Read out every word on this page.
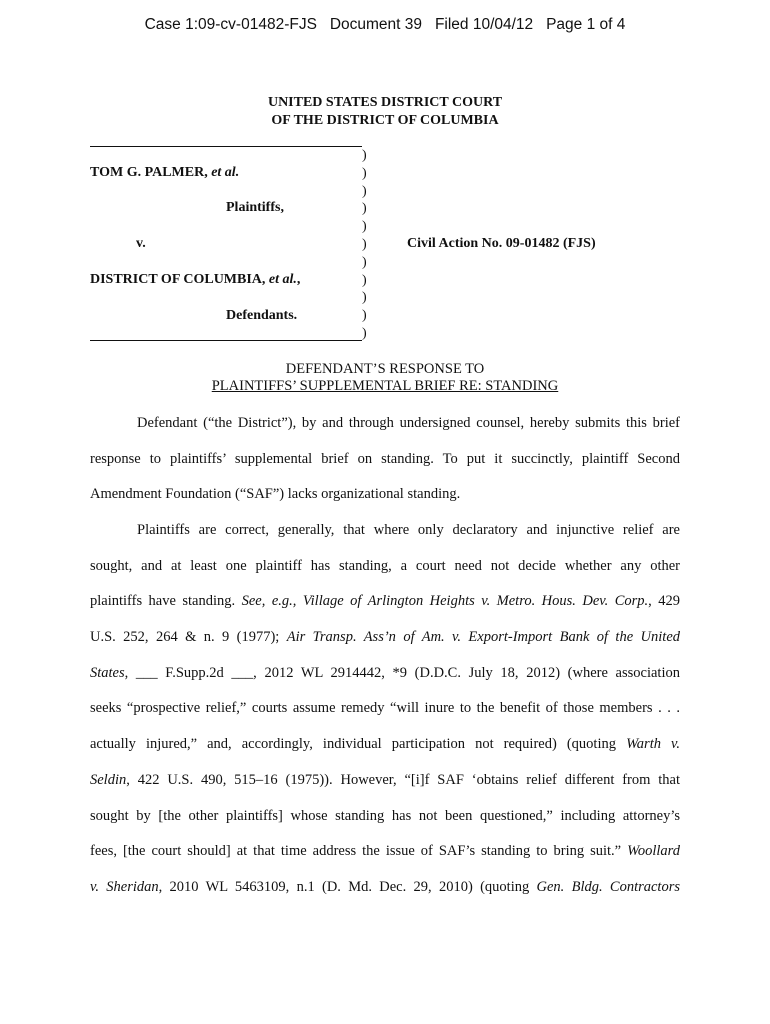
Case 1:09-cv-01482-FJS   Document 39   Filed 10/04/12   Page 1 of 4
UNITED STATES DISTRICT COURT
OF THE DISTRICT OF COLUMBIA
)
)
)
)
)
)
)
)
)
)
)
TOM G. PALMER, et al.
Plaintiffs,
v.
DISTRICT OF COLUMBIA, et al.,
Defendants.
Civil Action No. 09-01482 (FJS)
DEFENDANT’S RESPONSE TO
PLAINTIFFS’ SUPPLEMENTAL BRIEF RE: STANDING
Defendant (“the District”), by and through undersigned counsel, hereby submits this brief
response to plaintiffs’ supplemental brief on standing. To put it succinctly, plaintiff Second
Amendment Foundation (“SAF”) lacks organizational standing.
Plaintiffs are correct, generally, that where only declaratory and injunctive relief are
sought, and at least one plaintiff has standing, a court need not decide whether any other
plaintiffs have standing. See, e.g., Village of Arlington Heights v. Metro. Hous. Dev. Corp., 429
U.S. 252, 264 & n. 9 (1977); Air Transp. Ass’n of Am. v. Export-Import Bank of the United
States, ___ F.Supp.2d ___, 2012 WL 2914442, *9 (D.D.C. July 18, 2012) (where association
seeks “prospective relief,” courts assume remedy “will inure to the benefit of those members . . .
actually injured,” and, accordingly, individual participation not required) (quoting Warth v.
Seldin, 422 U.S. 490, 515–16 (1975)). However, “[i]f SAF ‘obtains relief different from that
sought by [the other plaintiffs] whose standing has not been questioned,” including attorney’s
fees, [the court should] at that time address the issue of SAF’s standing to bring suit.” Woollard
v. Sheridan, 2010 WL 5463109, n.1 (D. Md. Dec. 29, 2010) (quoting Gen. Bldg. Contractors
